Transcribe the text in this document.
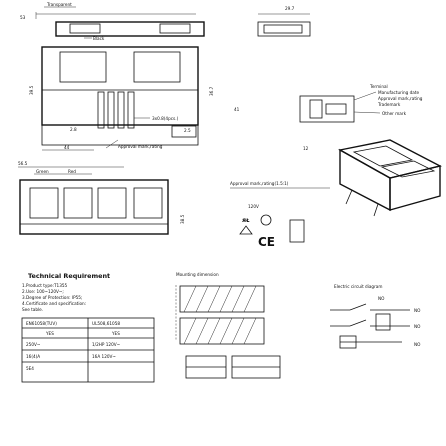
Transparent
53
Black
29.7
39.5	36.7
3x0.8(4pcs.)
41
2.8	2.5
44	Approval mark,rating	12
Terminal
Manufacturing date
Approval mark,rating
Trademark
Other mark
56.5
Green	Red
38.5
Approval mark,rating(1.5:1)
120V
ᴙᴌ
CE
Technical Requirement
1.Product type:T1355
2.Use: 100~120V~;
3.Degree of Protection: IP55;
4.Certificate and specification:
See table.
EN61058(TUV)	UL508,61058
YES	YES
250V~	1/2HP 120V~
16(4)A	16A 120V~
5E4
Mounting dimension
Electric circuit diagram
NO
NO
NO
NO
